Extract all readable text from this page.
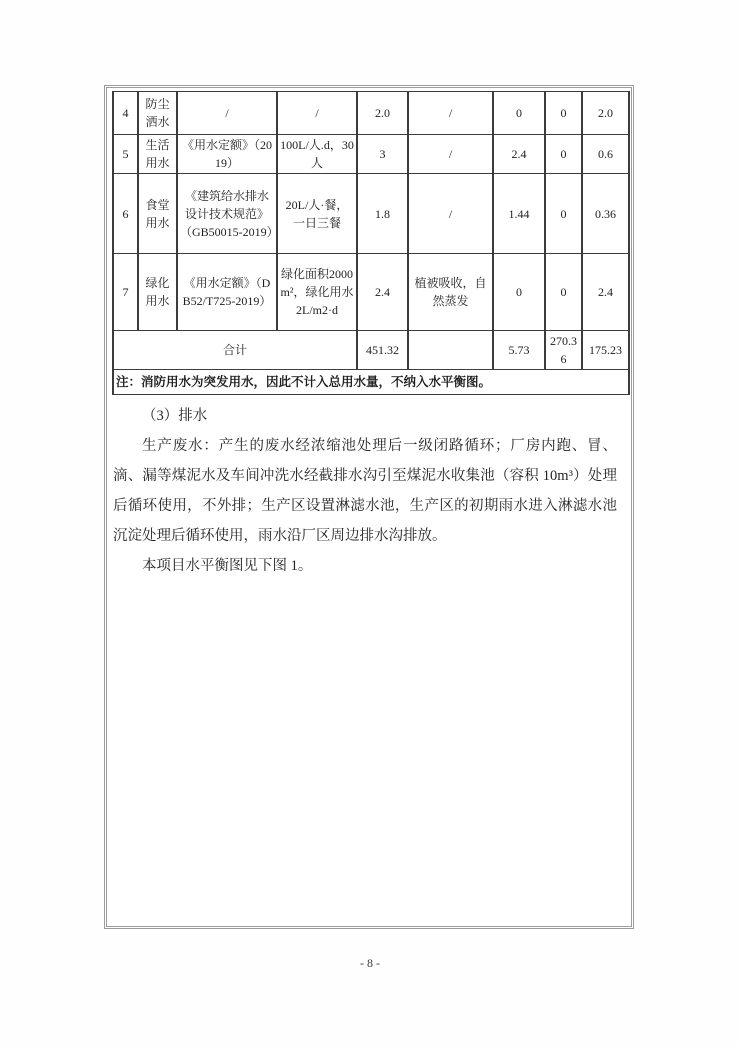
4	防尘洒水	/	/	2.0	/	0	0	2.0
5	生活用水	《用水定额》（2019）	100L/人.d，30 人	3	/	2.4	0	0.6
6	食堂用水	《建筑给水排水设计技术规范》（GB50015-2019）	20L/人·餐，一日三餐	1.8	/	1.44	0	0.36
7	绿化用水	《用水定额》（DB52/T725-2019）	绿化面积2000m²，绿化用水2L/m2·d	2.4	植被吸收，自然蒸发	0	0	2.4
合计				451.32		5.73	270.36	175.23
注：消防用水为突发用水，因此不计入总用水量，不纳入水平衡图。								

（3）排水

生产废水：产生的废水经浓缩池处理后一级闭路循环；厂房内跑、冒、滴、漏等煤泥水及车间冲洗水经截排水沟引至煤泥水收集池（容积 10m³）处理后循环使用，不外排；生产区设置淋滤水池，生产区的初期雨水进入淋滤水池沉淀处理后循环使用，雨水沿厂区周边排水沟排放。

本项目水平衡图见下图 1。

- 8 -
